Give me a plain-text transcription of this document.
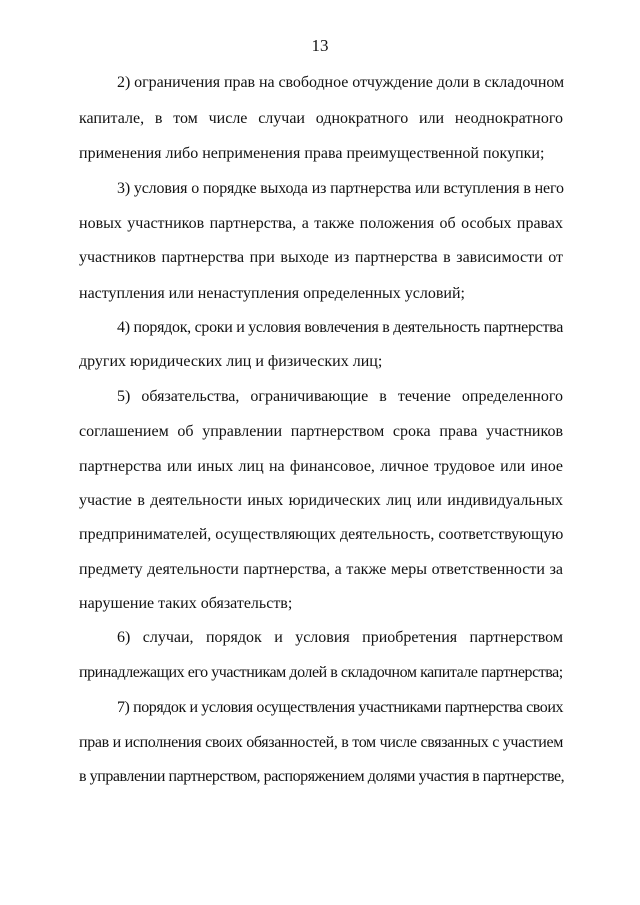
13
2) ограничения прав на свободное отчуждение доли в складочном
капитале, в том числе случаи однократного или неоднократного
применения либо неприменения права преимущественной покупки;
3) условия о порядке выхода из партнерства или вступления в него
новых участников партнерства, а также положения об особых правах
участников партнерства при выходе из партнерства в зависимости от
наступления или ненаступления определенных условий;
4) порядок, сроки и условия вовлечения в деятельность партнерства
других юридических лиц и физических лиц;
5) обязательства, ограничивающие в течение определенного
соглашением об управлении партнерством срока права участников
партнерства или иных лиц на финансовое, личное трудовое или иное
участие в деятельности иных юридических лиц или индивидуальных
предпринимателей, осуществляющих деятельность, соответствующую
предмету деятельности партнерства, а также меры ответственности за
нарушение таких обязательств;
6) случаи, порядок и условия приобретения партнерством
принадлежащих его участникам долей в складочном капитале партнерства;
7) порядок и условия осуществления участниками партнерства своих
прав и исполнения своих обязанностей, в том числе связанных с участием
в управлении партнерством, распоряжением долями участия в партнерстве,
